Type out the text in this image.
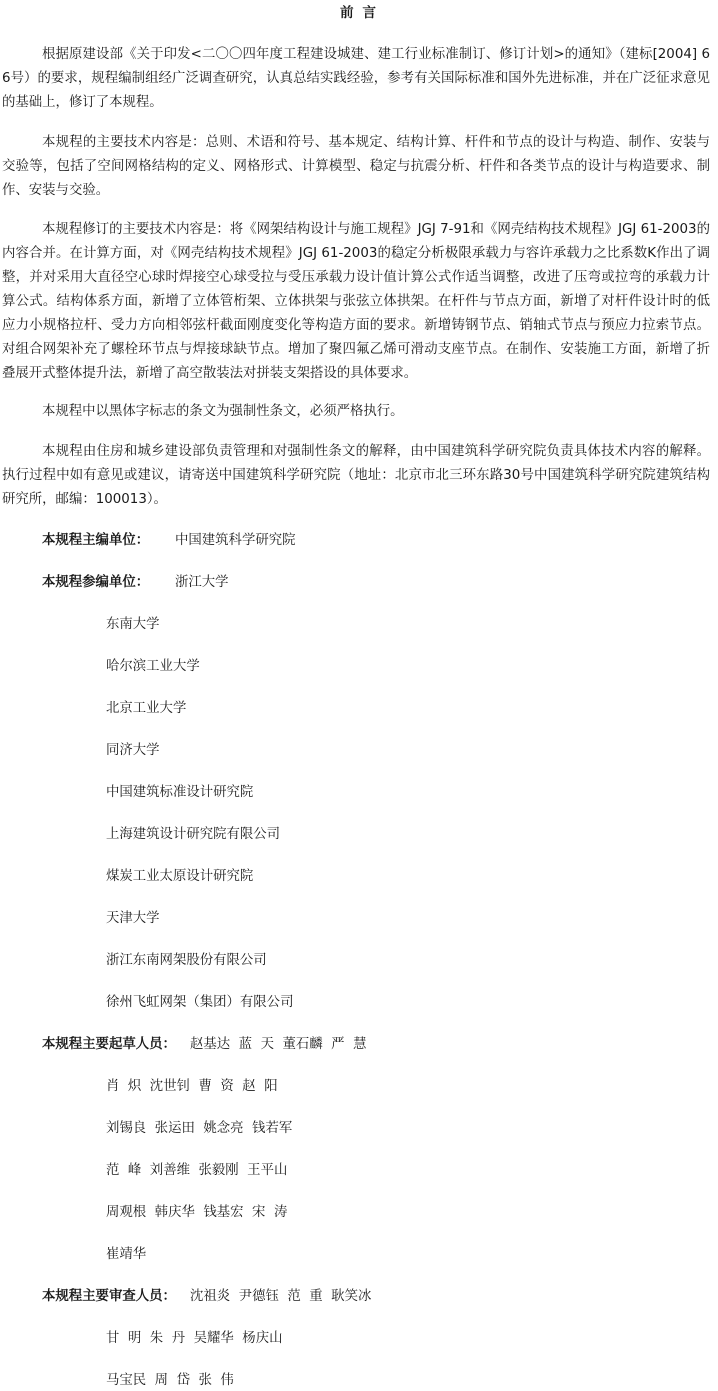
前 言

根据原建设部《关于印发<二〇〇四年度工程建设城建、建工行业标准制订、修订计划>的通知》（建标[2004] 66号）的要求，规程编制组经广泛调查研究，认真总结实践经验，参考有关国际标准和国外先进标准，并在广泛征求意见的基础上，修订了本规程。

本规程的主要技术内容是：总则、术语和符号、基本规定、结构计算、杆件和节点的设计与构造、制作、安装与交验等，包括了空间网格结构的定义、网格形式、计算模型、稳定与抗震分析、杆件和各类节点的设计与构造要求、制作、安装与交验。

本规程修订的主要技术内容是：将《网架结构设计与施工规程》JGJ 7-91和《网壳结构技术规程》JGJ 61-2003的内容合并。在计算方面，对《网壳结构技术规程》JGJ 61-2003的稳定分析极限承载力与容许承载力之比系数K作出了调整，并对采用大直径空心球时焊接空心球受拉与受压承载力设计值计算公式作适当调整，改进了压弯或拉弯的承载力计算公式。结构体系方面，新增了立体管桁架、立体拱架与张弦立体拱架。在杆件与节点方面，新增了对杆件设计时的低应力小规格拉杆、受力方向相邻弦杆截面刚度变化等构造方面的要求。新增铸钢节点、销轴式节点与预应力拉索节点。对组合网架补充了螺栓环节点与焊接球缺节点。增加了聚四氟乙烯可滑动支座节点。在制作、安装施工方面，新增了折叠展开式整体提升法，新增了高空散装法对拼装支架搭设的具体要求。

本规程中以黑体字标志的条文为强制性条文，必须严格执行。

本规程由住房和城乡建设部负责管理和对强制性条文的解释，由中国建筑科学研究院负责具体技术内容的解释。执行过程中如有意见或建议，请寄送中国建筑科学研究院（地址：北京市北三环东路30号中国建筑科学研究院建筑结构研究所，邮编：100013）。

本规程主编单位： 中国建筑科学研究院
本规程参编单位： 浙江大学
东南大学
哈尔滨工业大学
北京工业大学
同济大学
中国建筑标准设计研究院
上海建筑设计研究院有限公司
煤炭工业太原设计研究院
天津大学
浙江东南网架股份有限公司
徐州飞虹网架（集团）有限公司
本规程主要起草人员： 赵基达  蓝  天  董石麟  严  慧
肖  炽  沈世钊  曹  资  赵  阳
刘锡良  张运田  姚念亮  钱若军
范  峰  刘善维  张毅刚  王平山
周观根  韩庆华  钱基宏  宋  涛
崔靖华
本规程主要审查人员： 沈祖炎  尹德钰  范  重  耿笑冰
甘  明  朱  丹  吴耀华  杨庆山
马宝民  周  岱  张  伟
